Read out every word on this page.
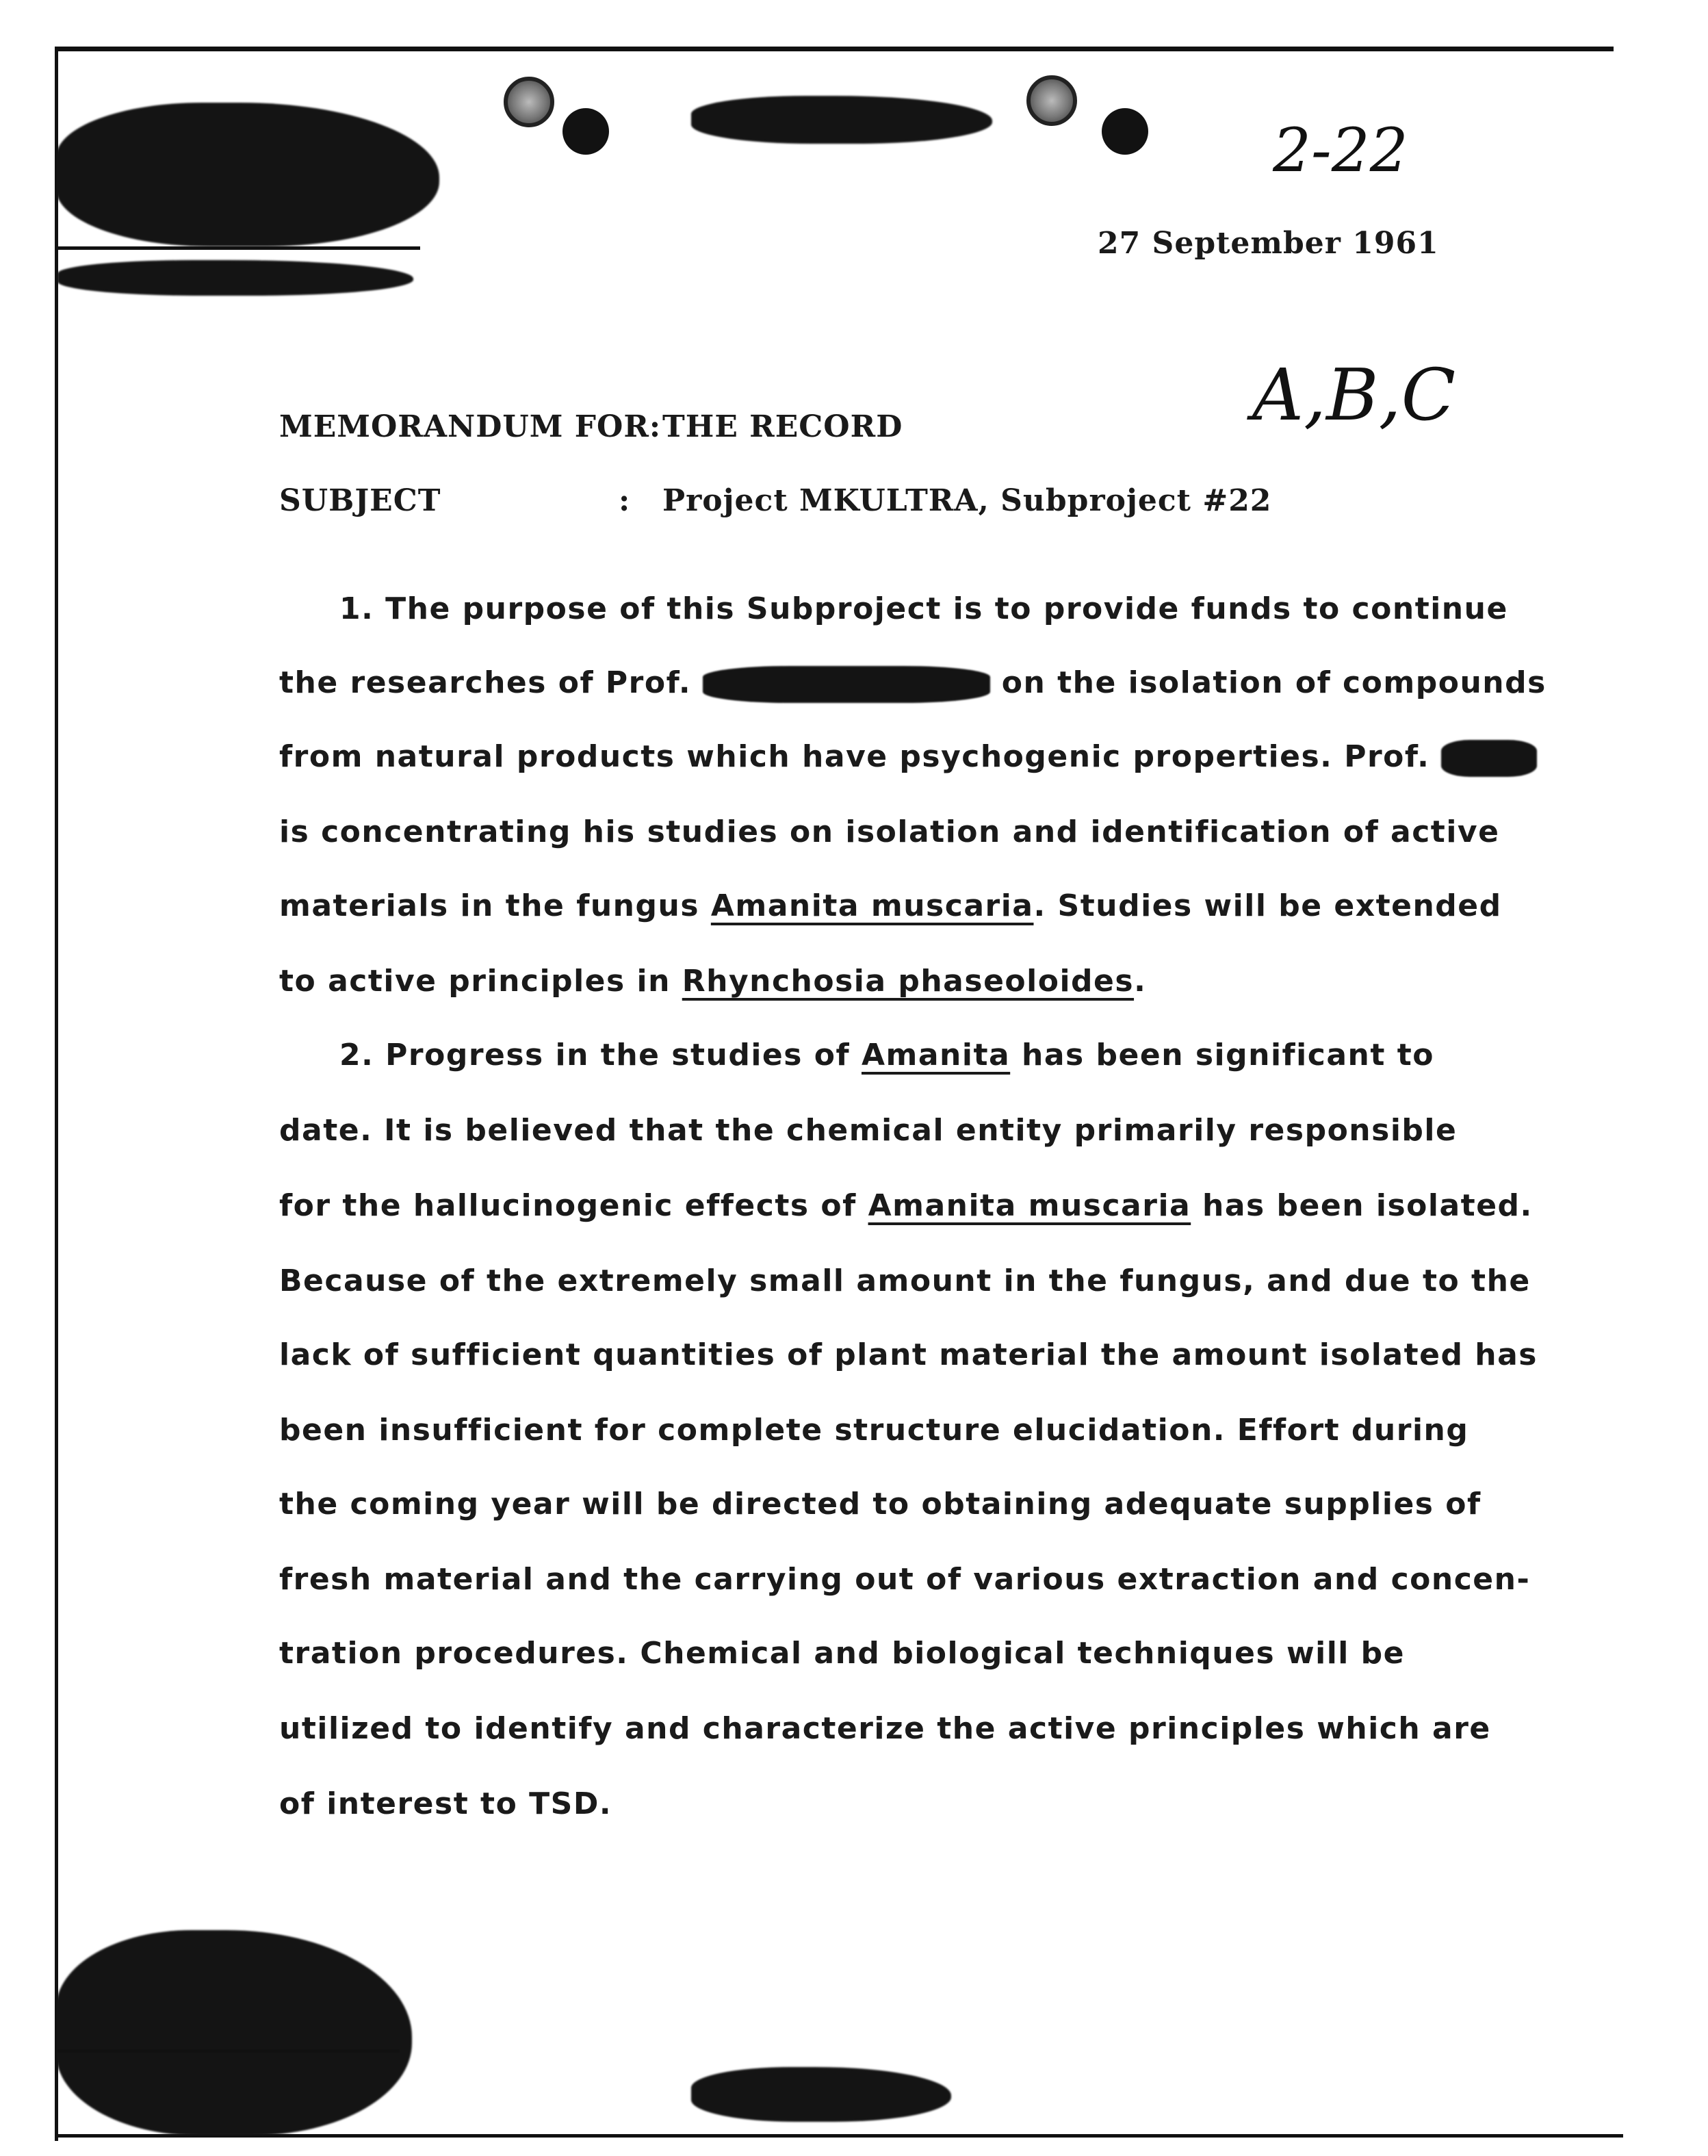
2-22
27 September 1961
A,B,C
MEMORANDUM FOR: THE RECORD
SUBJECT	: Project MKULTRA, Subproject #22
1. The purpose of this Subproject is to provide funds to continue
the researches of Prof.	on the isolation of compounds
from natural products which have psychogenic properties. Prof.
is concentrating his studies on isolation and identification of active
materials in the fungus Amanita muscaria. Studies will be extended
to active principles in Rhynchosia phaseoloides.
2. Progress in the studies of Amanita has been significant to
date. It is believed that the chemical entity primarily responsible
for the hallucinogenic effects of Amanita muscaria has been isolated.
Because of the extremely small amount in the fungus, and due to the
lack of sufficient quantities of plant material the amount isolated has
been insufficient for complete structure elucidation. Effort during
the coming year will be directed to obtaining adequate supplies of
fresh material and the carrying out of various extraction and concen-
tration procedures. Chemical and biological techniques will be
utilized to identify and characterize the active principles which are
of interest to TSD.
